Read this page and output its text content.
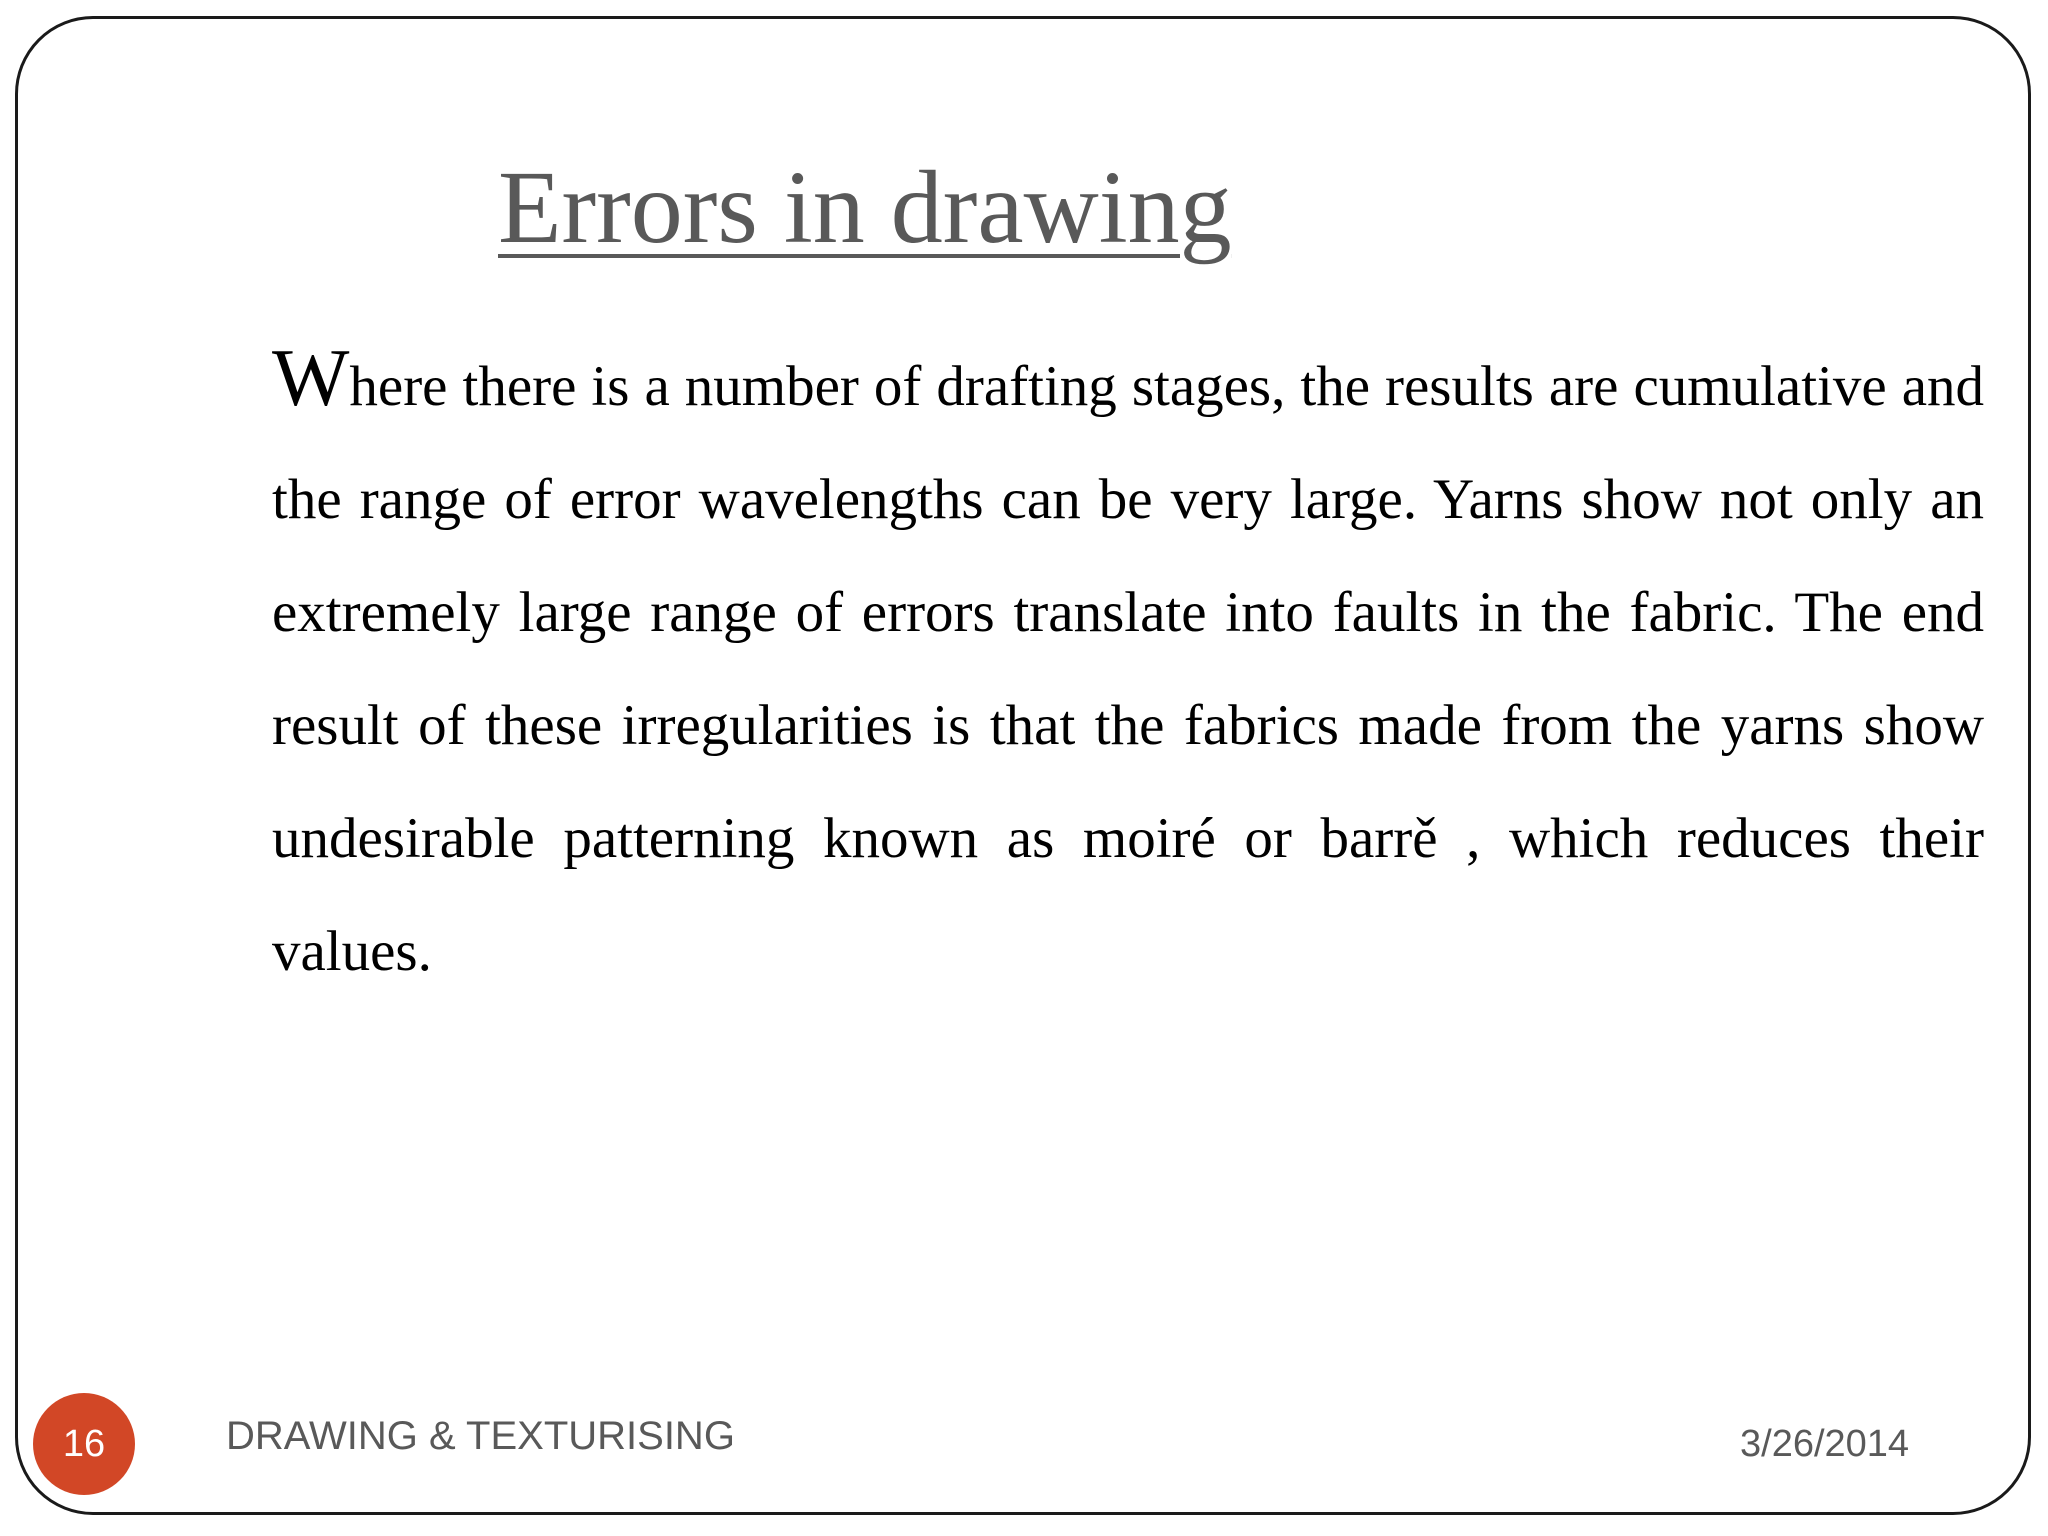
Errors in drawing

Where there is a number of drafting stages, the results are cumulative and the range of error wavelengths can be very large. Yarns show not only an extremely large range of errors translate into faults in the fabric. The end result of these irregularities is that the fabrics made from the yarns show undesirable patterning known as moiré or barrě , which reduces their values.

16	DRAWING & TEXTURISING	3/26/2014
